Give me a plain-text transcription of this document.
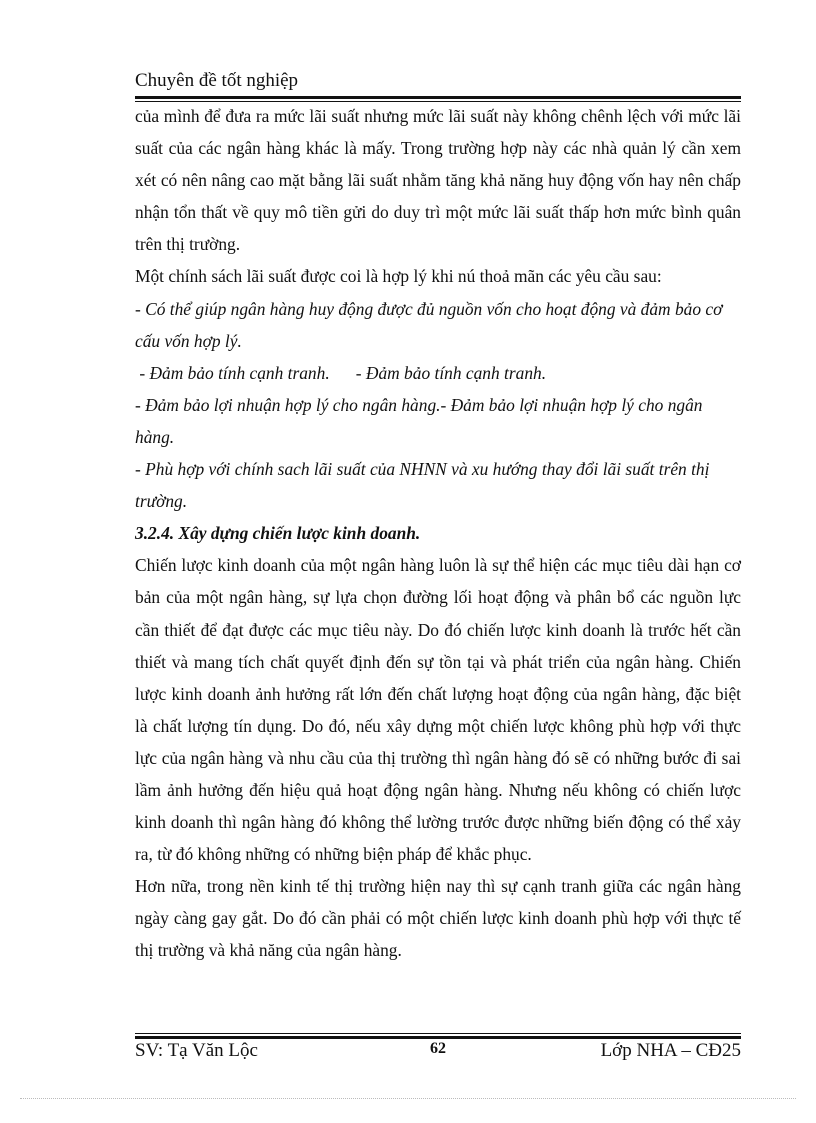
Chuyên đề tốt nghiệp

của mình để đưa ra mức lãi suất nhưng mức lãi suất này không chênh lệch với mức lãi suất của các ngân hàng khác là mấy. Trong trường hợp này các nhà quản lý cần xem xét có nên nâng cao mặt bằng lãi suất nhằm tăng khả năng huy động vốn hay nên chấp nhận tổn thất về quy mô tiền gửi do duy trì một mức lãi suất thấp hơn mức bình quân trên thị trường.

Một chính sách lãi suất được coi là hợp lý khi nú thoả mãn các yêu cầu sau:

- Có thể giúp ngân hàng huy động được đủ nguồn vốn cho hoạt động và đảm bảo cơ cấu vốn hợp lý.

- Đảm bảo tính cạnh tranh.      - Đảm bảo tính cạnh tranh.

- Đảm bảo lợi nhuận hợp lý cho ngân hàng.- Đảm bảo lợi nhuận hợp lý cho ngân hàng.

- Phù hợp với chính sach lãi suất của NHNN và xu hướng thay đổi lãi suất trên thị trường.

3.2.4. Xây dựng chiến lược kinh doanh.

Chiến lược kinh doanh của một ngân hàng luôn là sự thể hiện các mục tiêu dài hạn cơ bản của một ngân hàng, sự lựa chọn đường lối hoạt động và phân bổ các nguồn lực cần thiết để đạt được các mục tiêu này. Do đó chiến lược kinh doanh là trước hết cần thiết và mang tích chất quyết định đến sự tồn tại và phát triển của ngân hàng. Chiến lược kinh doanh ảnh hưởng rất lớn đến chất lượng hoạt động của ngân hàng, đặc biệt là chất lượng tín dụng. Do đó, nếu xây dựng một chiến lược không phù hợp với thực lực của ngân hàng và nhu cầu của thị trường thì ngân hàng đó sẽ có những bước đi sai lầm ảnh hưởng đến hiệu quả hoạt động ngân hàng. Nhưng nếu không có chiến lược kinh doanh thì ngân hàng đó không thể lường trước được những biến động có thể xảy ra, từ đó không những có những biện pháp để khắc phục.

Hơn nữa, trong nền kinh tế thị trường hiện nay thì sự cạnh tranh giữa các ngân hàng ngày càng gay gắt. Do đó cần phải có một chiến lược kinh doanh phù hợp với thực tế thị trường và khả năng của ngân hàng.

SV: Tạ Văn Lộc	62	Lớp NHA – CĐ25
